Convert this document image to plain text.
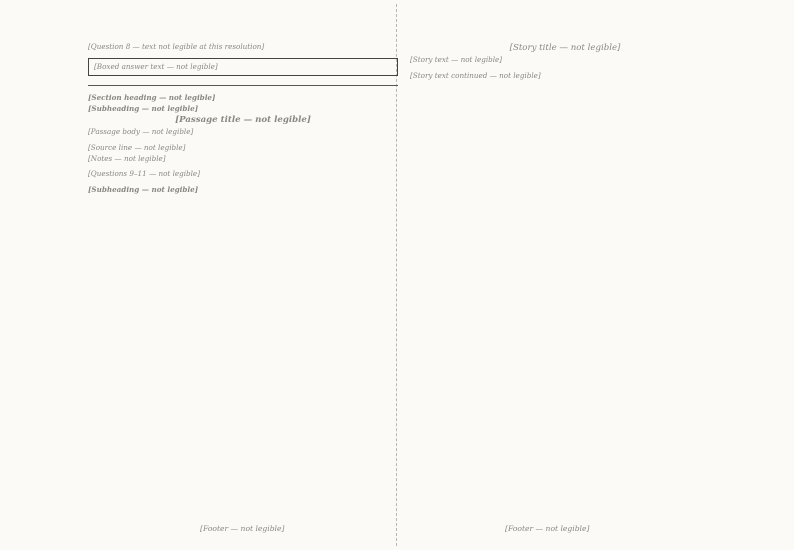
[Question 8 — text not legible at this resolution]
[Boxed answer text — not legible]
[Section heading — not legible]
[Subheading — not legible]
[Passage title — not legible]
[Passage body — not legible]
[Source line — not legible]
[Notes — not legible]
[Questions 9–11 — not legible]
[Subheading — not legible]
[Story title — not legible]
[Story text — not legible]
[Story text continued — not legible]
[Footer — not legible]	[Footer — not legible]
